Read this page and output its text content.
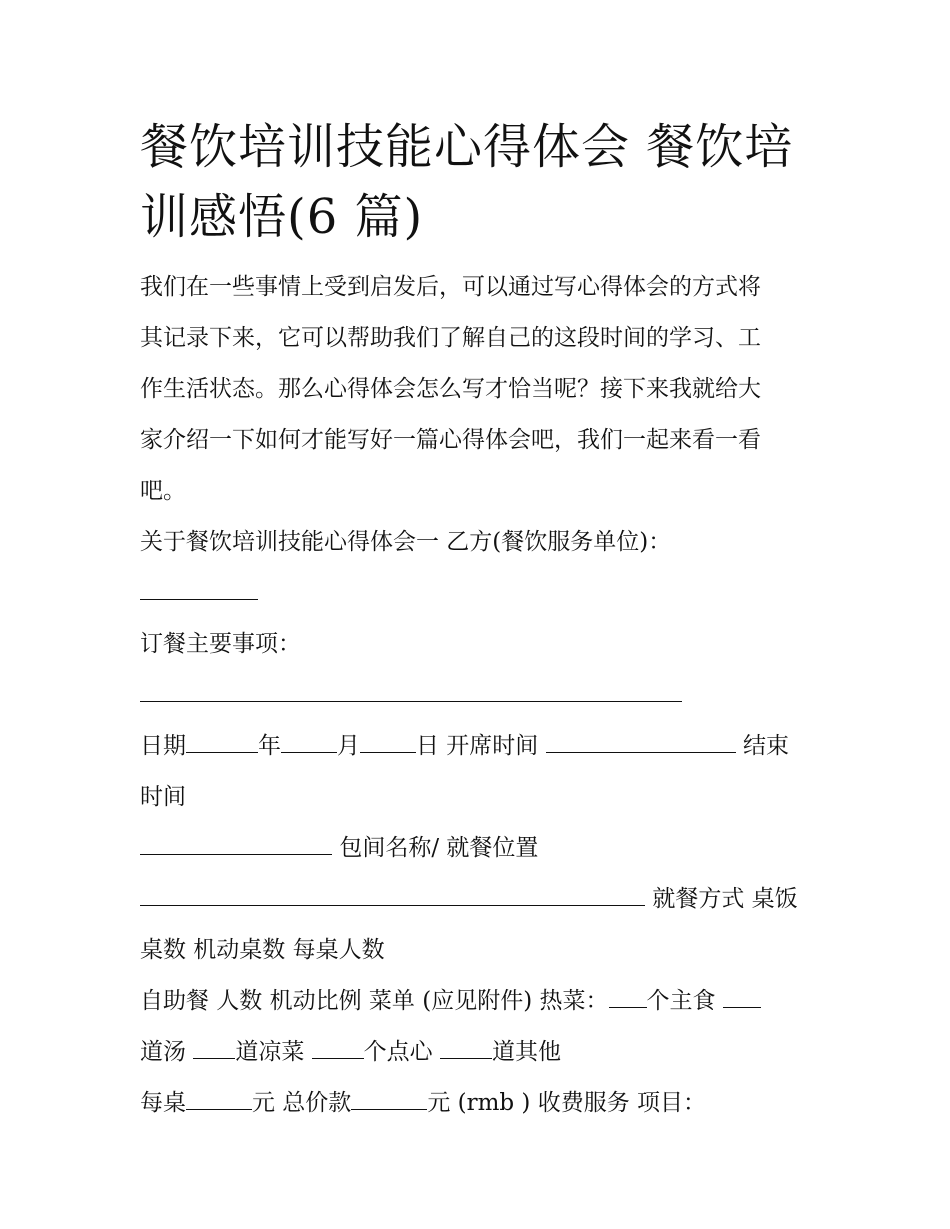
餐饮培训技能心得体会 餐饮培
训感悟(6 篇)
我们在一些事情上受到启发后，可以通过写心得体会的方式将
其记录下来，它可以帮助我们了解自己的这段时间的学习、工
作生活状态。那么心得体会怎么写才恰当呢？接下来我就给大
家介绍一下如何才能写好一篇心得体会吧，我们一起来看一看
吧。
关于餐饮培训技能心得体会一 乙方(餐饮服务单位)：
订餐主要事项：
日期	年 月 日 开席时间	结束
时间
包间名称/ 就餐位置
就餐方式 桌饭
桌数 机动桌数 每桌人数
自助餐 人数 机动比例 菜单 (应见附件) 热菜： 个主食
道汤 道凉菜	个点心	道其他
每桌	元 总价款	元 (rmb ) 收费服务 项目：
